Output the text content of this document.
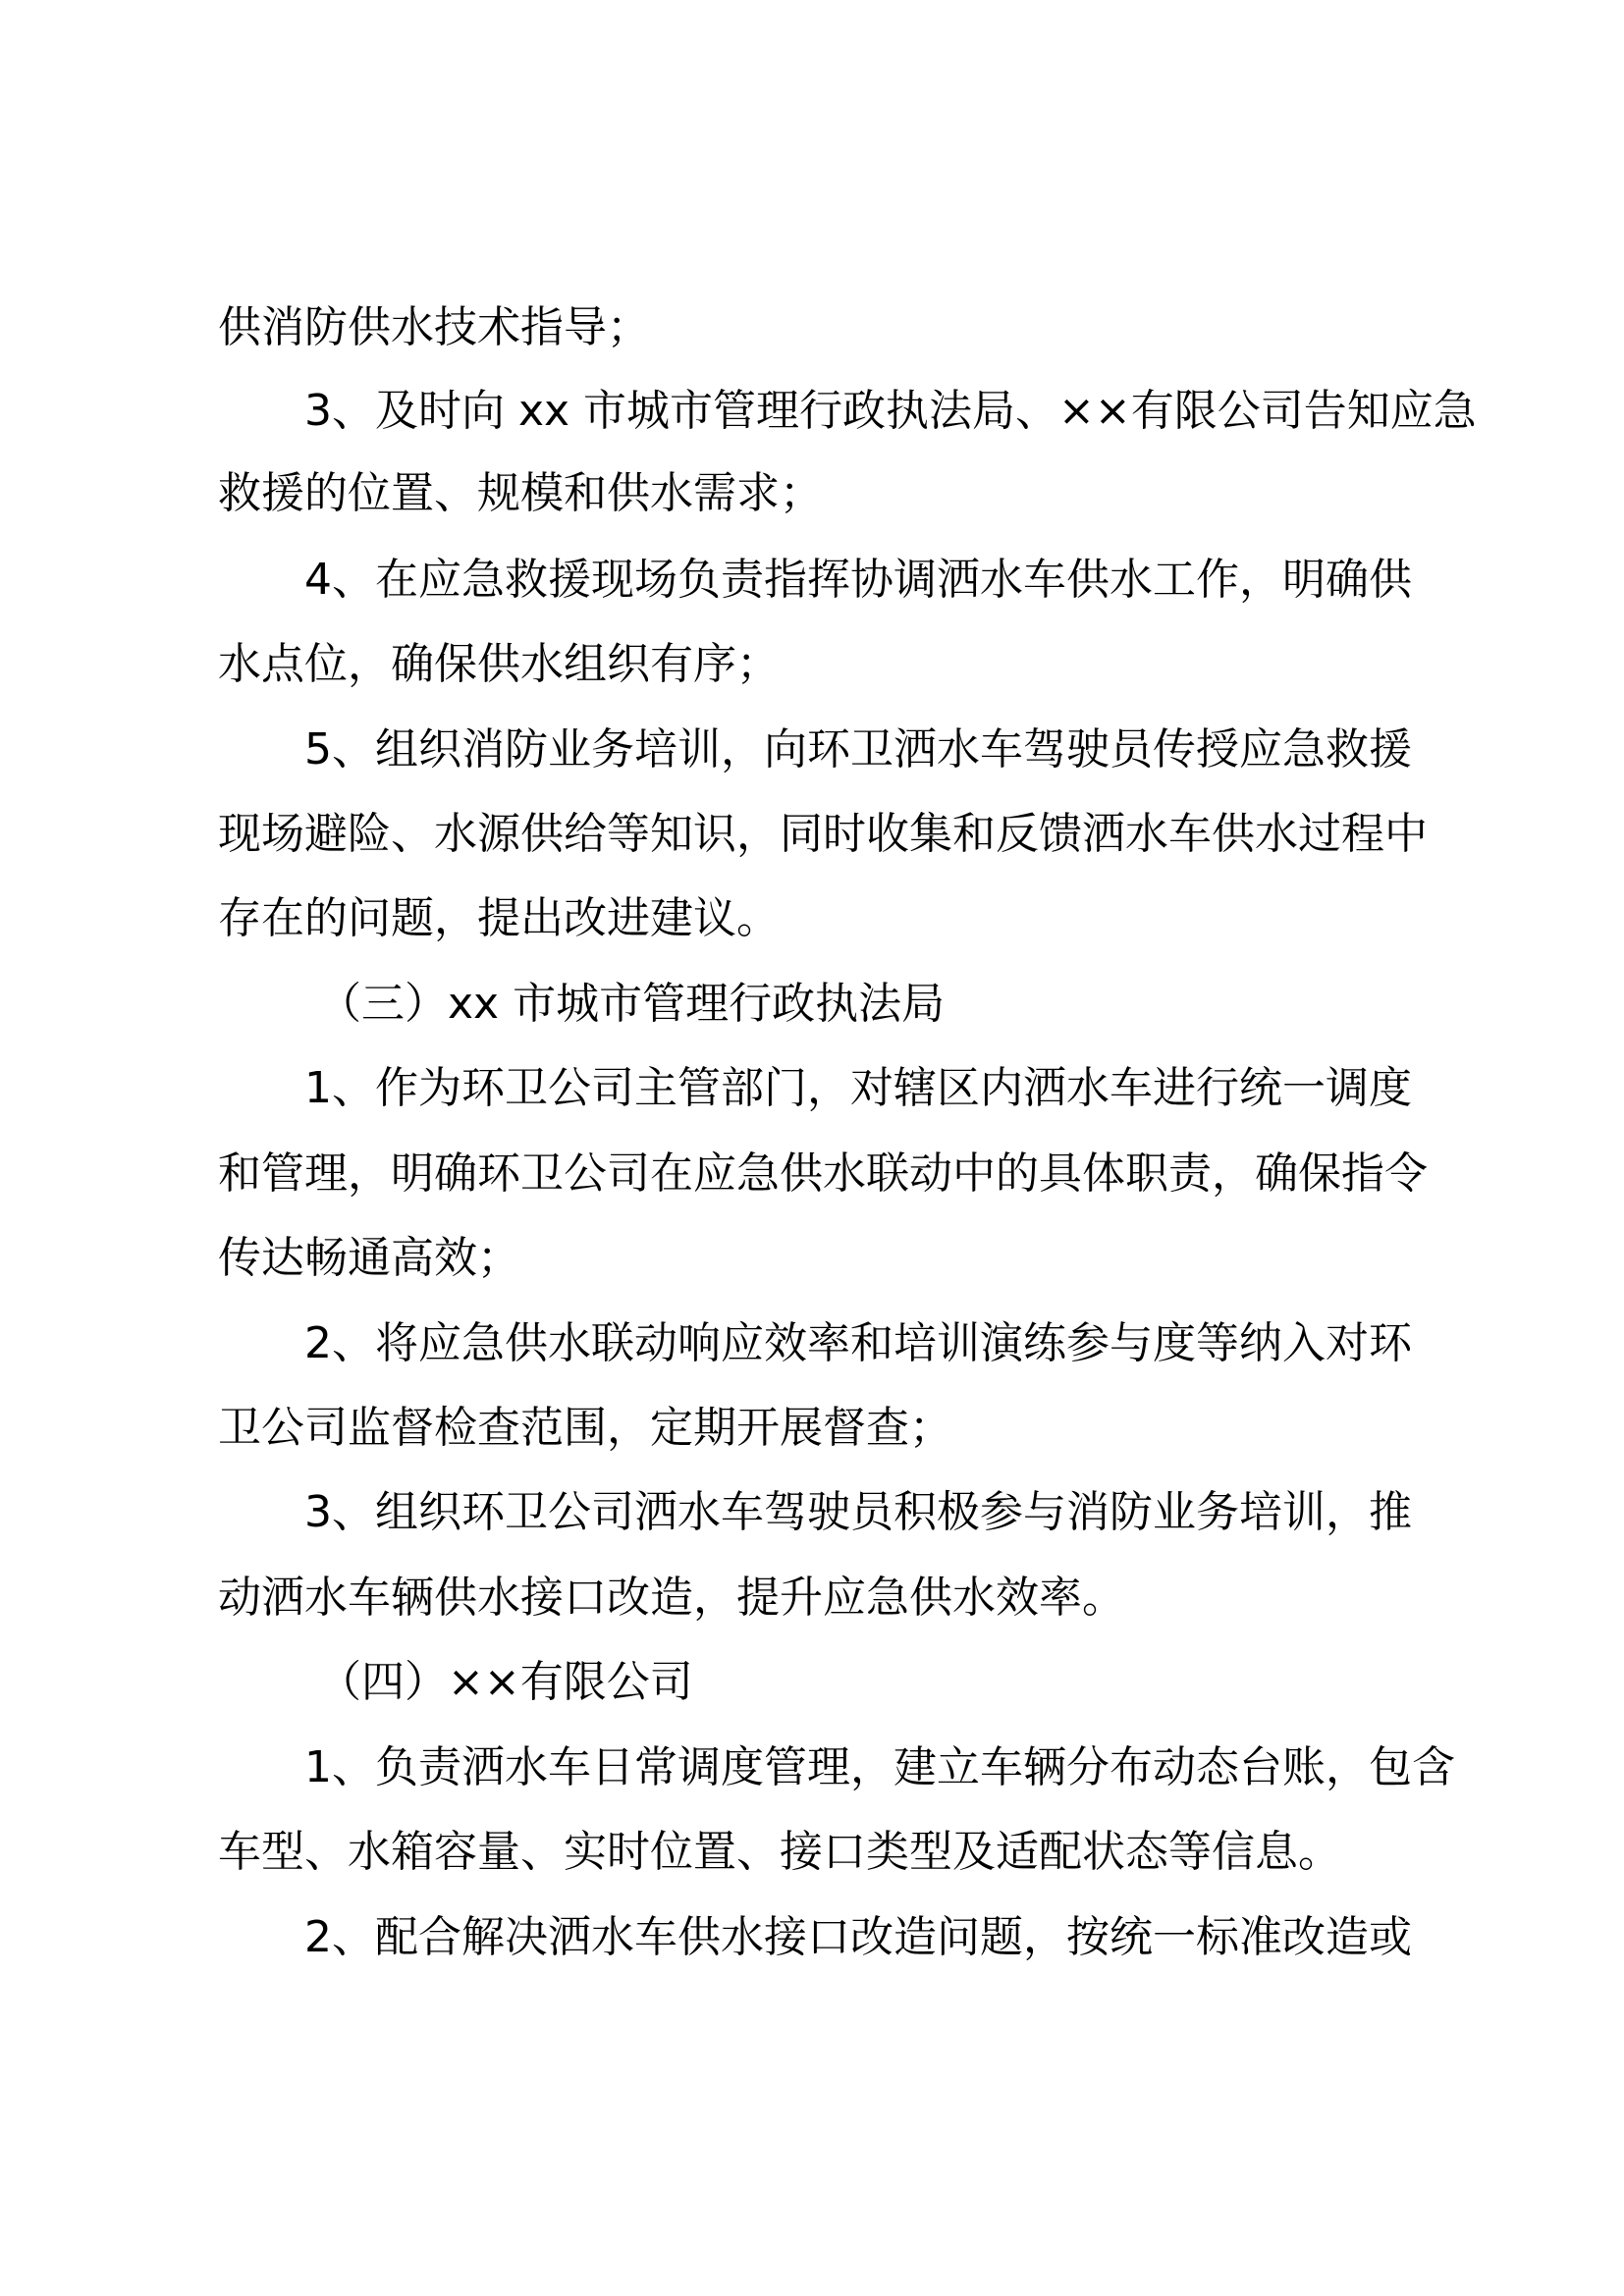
供消防供水技术指导；
3、及时向 xx 市城市管理行政执法局、××有限公司告知应急
救援的位置、规模和供水需求；
4、在应急救援现场负责指挥协调洒水车供水工作，明确供
水点位，确保供水组织有序；
5、组织消防业务培训，向环卫洒水车驾驶员传授应急救援
现场避险、水源供给等知识，同时收集和反馈洒水车供水过程中
存在的问题，提出改进建议。
（三）xx 市城市管理行政执法局
1、作为环卫公司主管部门，对辖区内洒水车进行统一调度
和管理，明确环卫公司在应急供水联动中的具体职责，确保指令
传达畅通高效；
2、将应急供水联动响应效率和培训演练参与度等纳入对环
卫公司监督检查范围，定期开展督查；
3、组织环卫公司洒水车驾驶员积极参与消防业务培训，推
动洒水车辆供水接口改造，提升应急供水效率。
（四）××有限公司
1、负责洒水车日常调度管理，建立车辆分布动态台账，包含
车型、水箱容量、实时位置、接口类型及适配状态等信息。
2、配合解决洒水车供水接口改造问题，按统一标准改造或
